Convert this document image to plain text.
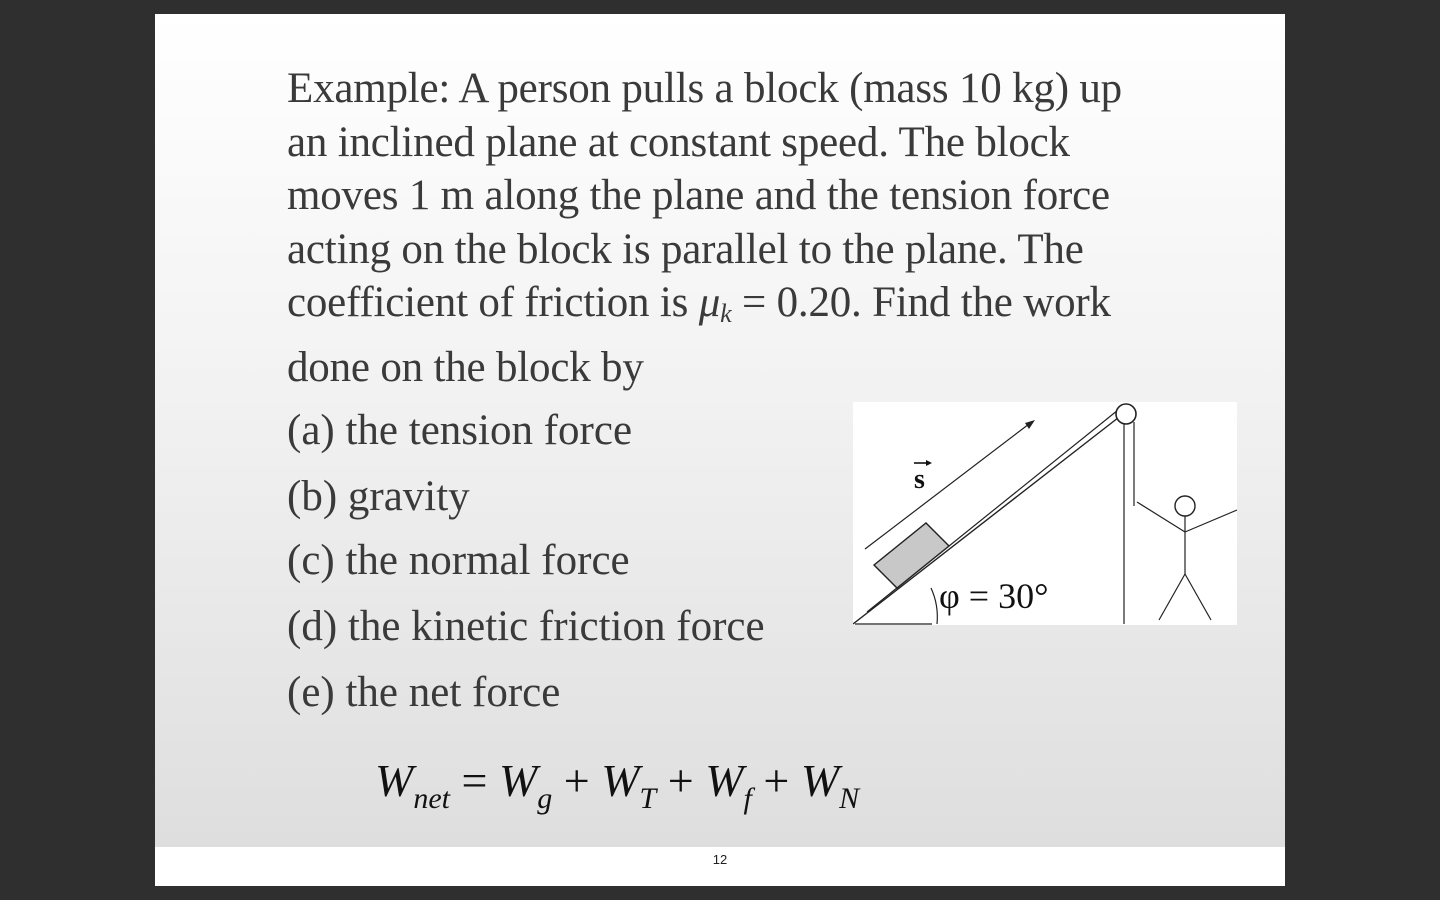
Example: A person pulls a block (mass 10 kg) up
an inclined plane at constant speed. The block
moves 1 m along the plane and the tension force
acting on the block is parallel to the plane. The
coefficient of friction is $\mu_k = 0.20$. Find the work
done on the block by
(a) the tension force
(b) gravity
(c) the normal force
(d) the kinetic friction force
(e) the net force
s
φ = 30°
$W_{net} = W_g + W_T + W_f + W_N$
12
